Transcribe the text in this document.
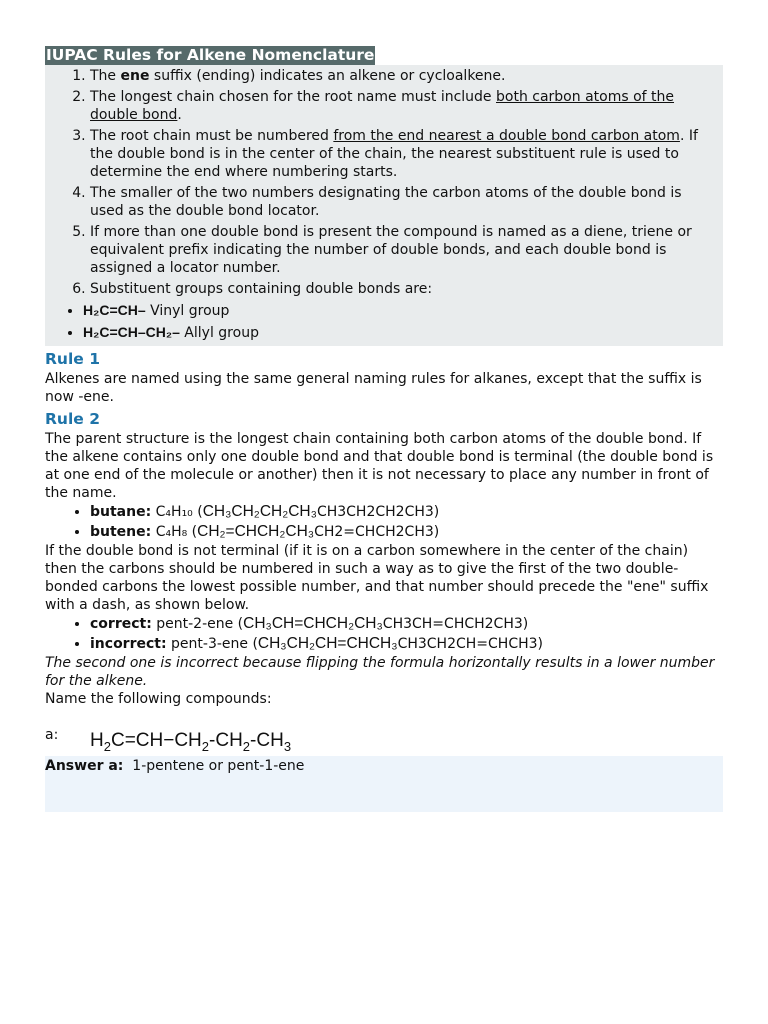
IUPAC Rules for Alkene Nomenclature
1. The ene suffix (ending) indicates an alkene or cycloalkene.
2. The longest chain chosen for the root name must include both carbon atoms of the double bond.
3. The root chain must be numbered from the end nearest a double bond carbon atom. If the double bond is in the center of the chain, the nearest substituent rule is used to determine the end where numbering starts.
4. The smaller of the two numbers designating the carbon atoms of the double bond is used as the double bond locator.
5. If more than one double bond is present the compound is named as a diene, triene or equivalent prefix indicating the number of double bonds, and each double bond is assigned a locator number.
6. Substituent groups containing double bonds are:
• H₂C=CH– Vinyl group
• H₂C=CH–CH₂– Allyl group
Rule 1

Alkenes are named using the same general naming rules for alkanes, except that the suffix is now -ene.

Rule 2

The parent structure is the longest chain containing both carbon atoms of the double bond. If the alkene contains only one double bond and that double bond is terminal (the double bond is at one end of the molecule or another) then it is not necessary to place any number in front of the name.

• butane: C₄H₁₀ (CH₃CH₂CH₂CH₃CH3CH2CH2CH3)
• butene: C₄H₈ (CH₂=CHCH₂CH₃CH2=CHCH2CH3)

If the double bond is not terminal (if it is on a carbon somewhere in the center of the chain) then the carbons should be numbered in such a way as to give the first of the two double-bonded carbons the lowest possible number, and that number should precede the "ene" suffix with a dash, as shown below.

• correct: pent-2-ene (CH₃CH=CHCH₂CH₃CH3CH=CHCH2CH3)
• incorrect: pent-3-ene (CH₃CH₂CH=CHCH₃CH3CH2CH=CHCH3)

The second one is incorrect because flipping the formula horizontally results in a lower number for the alkene.

Name the following compounds:

a:	$H_2C=CH-CH_2-CH_2-CH_3$
Answer a:  1-pentene or pent-1-ene
